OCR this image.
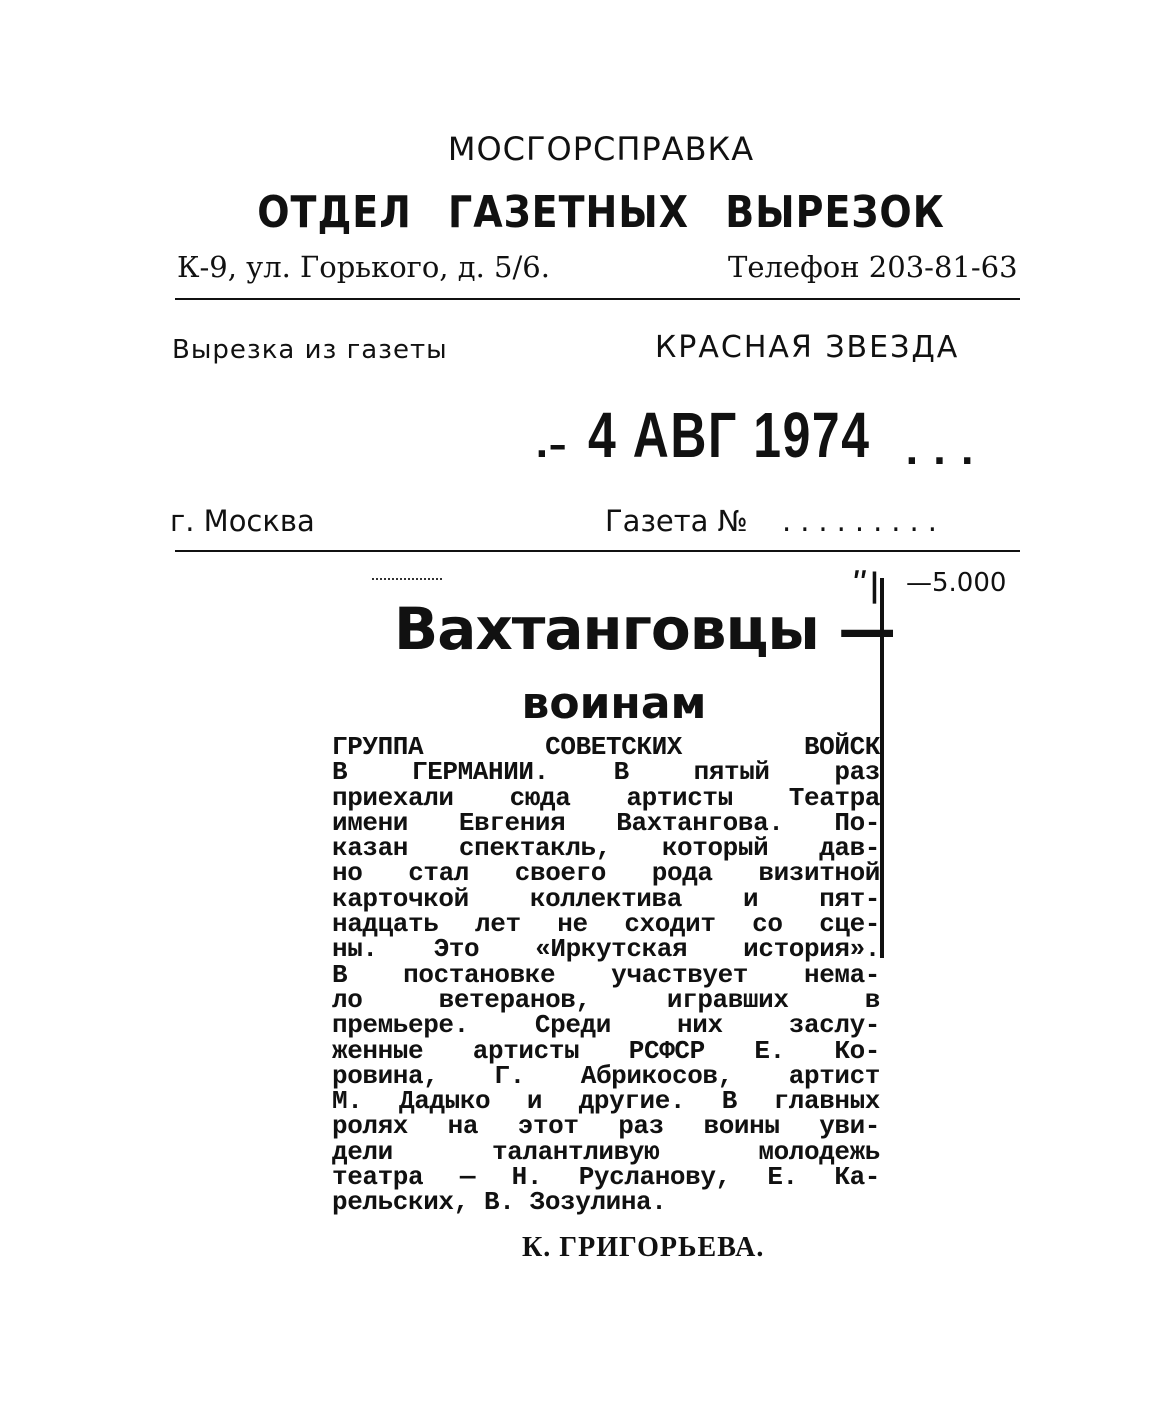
МОСГОРСПРАВКА
ОТДЕЛ ГАЗЕТНЫХ ВЫРЕЗОК
К-9, ул. Горького, д. 5/6.	Телефон 203-81-63
Вырезка из газеты	КРАСНАЯ ЗВЕЗДА
.– 4 АВГ 1974 ...
г. Москва	Газета № .........
ʺ| —5.000
Вахтанговцы —
воинам
ГРУППА СОВЕТСКИХ ВОЙСК
В ГЕРМАНИИ. В пятый раз
приехали сюда артисты Театра
имени Евгения Вахтангова. По-
казан спектакль, который дав-
но стал своего рода визитной
карточкой коллектива и пят-
надцать лет не сходит со сце-
ны. Это «Иркутская история».
В постановке участвует нема-
ло ветеранов, игравших в
премьере. Среди них заслу-
женные артисты РСФСР Е. Ко-
ровина, Г. Абрикосов, артист
М. Дадыко и другие. В главных
ролях на этот раз воины уви-
дели талантливую молодежь
театра — Н. Русланову, Е. Ка-
рельских, В. Зозулина.
К. ГРИГОРЬЕВА.
